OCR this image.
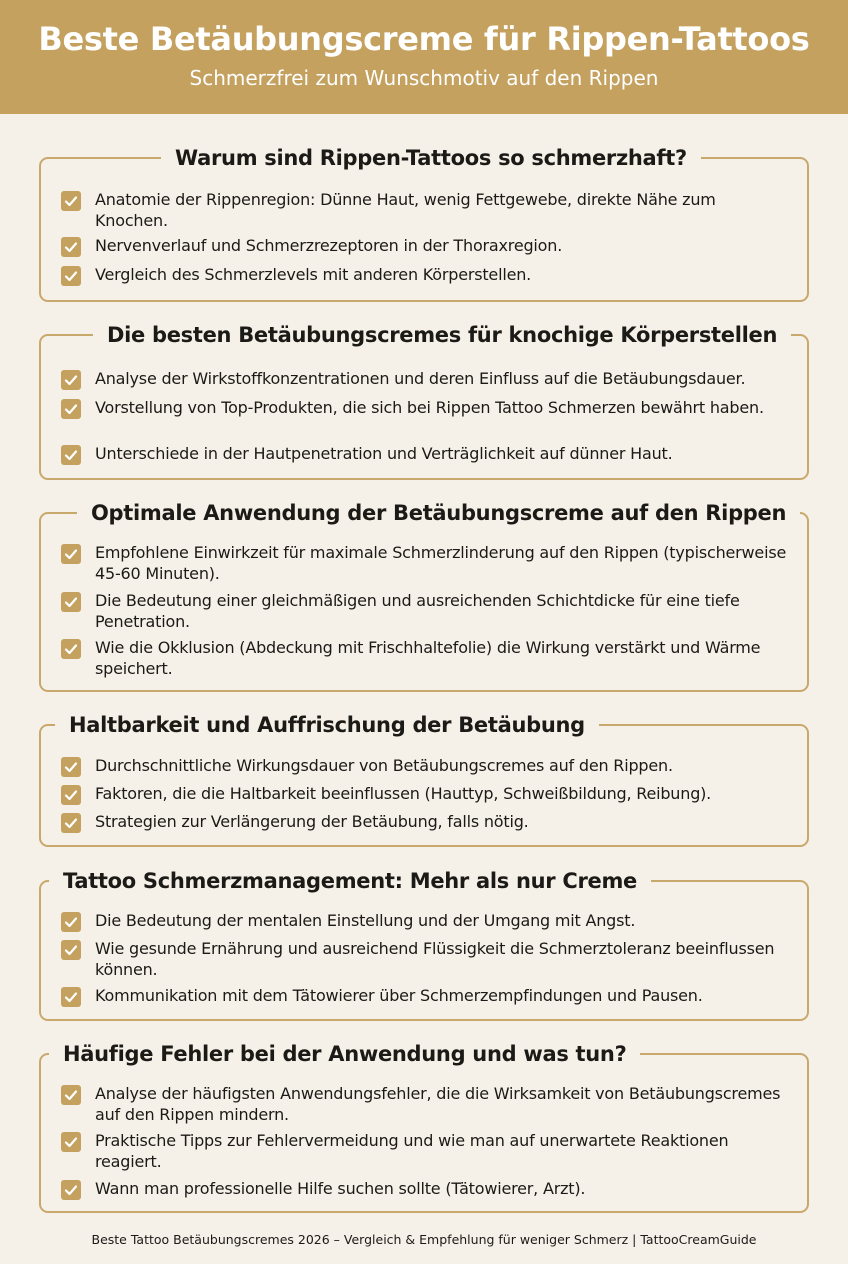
Beste Betäubungscreme für Rippen-Tattoos
Schmerzfrei zum Wunschmotiv auf den Rippen
Warum sind Rippen-Tattoos so schmerzhaft?
Anatomie der Rippenregion: Dünne Haut, wenig Fettgewebe, direkte Nähe zum Knochen.
Nervenverlauf und Schmerzrezeptoren in der Thoraxregion.
Vergleich des Schmerzlevels mit anderen Körperstellen.
Die besten Betäubungscremes für knochige Körperstellen
Analyse der Wirkstoffkonzentrationen und deren Einfluss auf die Betäubungsdauer.
Vorstellung von Top-Produkten, die sich bei Rippen Tattoo Schmerzen bewährt haben.
Unterschiede in der Hautpenetration und Verträglichkeit auf dünner Haut.
Optimale Anwendung der Betäubungscreme auf den Rippen
Empfohlene Einwirkzeit für maximale Schmerzlinderung auf den Rippen (typischerweise 45-60 Minuten).
Die Bedeutung einer gleichmäßigen und ausreichenden Schichtdicke für eine tiefe Penetration.
Wie die Okklusion (Abdeckung mit Frischhaltefolie) die Wirkung verstärkt und Wärme speichert.
Haltbarkeit und Auffrischung der Betäubung
Durchschnittliche Wirkungsdauer von Betäubungscremes auf den Rippen.
Faktoren, die die Haltbarkeit beeinflussen (Hauttyp, Schweißbildung, Reibung).
Strategien zur Verlängerung der Betäubung, falls nötig.
Tattoo Schmerzmanagement: Mehr als nur Creme
Die Bedeutung der mentalen Einstellung und der Umgang mit Angst.
Wie gesunde Ernährung und ausreichend Flüssigkeit die Schmerztoleranz beeinflussen können.
Kommunikation mit dem Tätowierer über Schmerzempfindungen und Pausen.
Häufige Fehler bei der Anwendung und was tun?
Analyse der häufigsten Anwendungsfehler, die die Wirksamkeit von Betäubungscremes auf den Rippen mindern.
Praktische Tipps zur Fehlervermeidung und wie man auf unerwartete Reaktionen reagiert.
Wann man professionelle Hilfe suchen sollte (Tätowierer, Arzt).
Beste Tattoo Betäubungscremes 2026 – Vergleich & Empfehlung für weniger Schmerz | TattooCreamGuide
